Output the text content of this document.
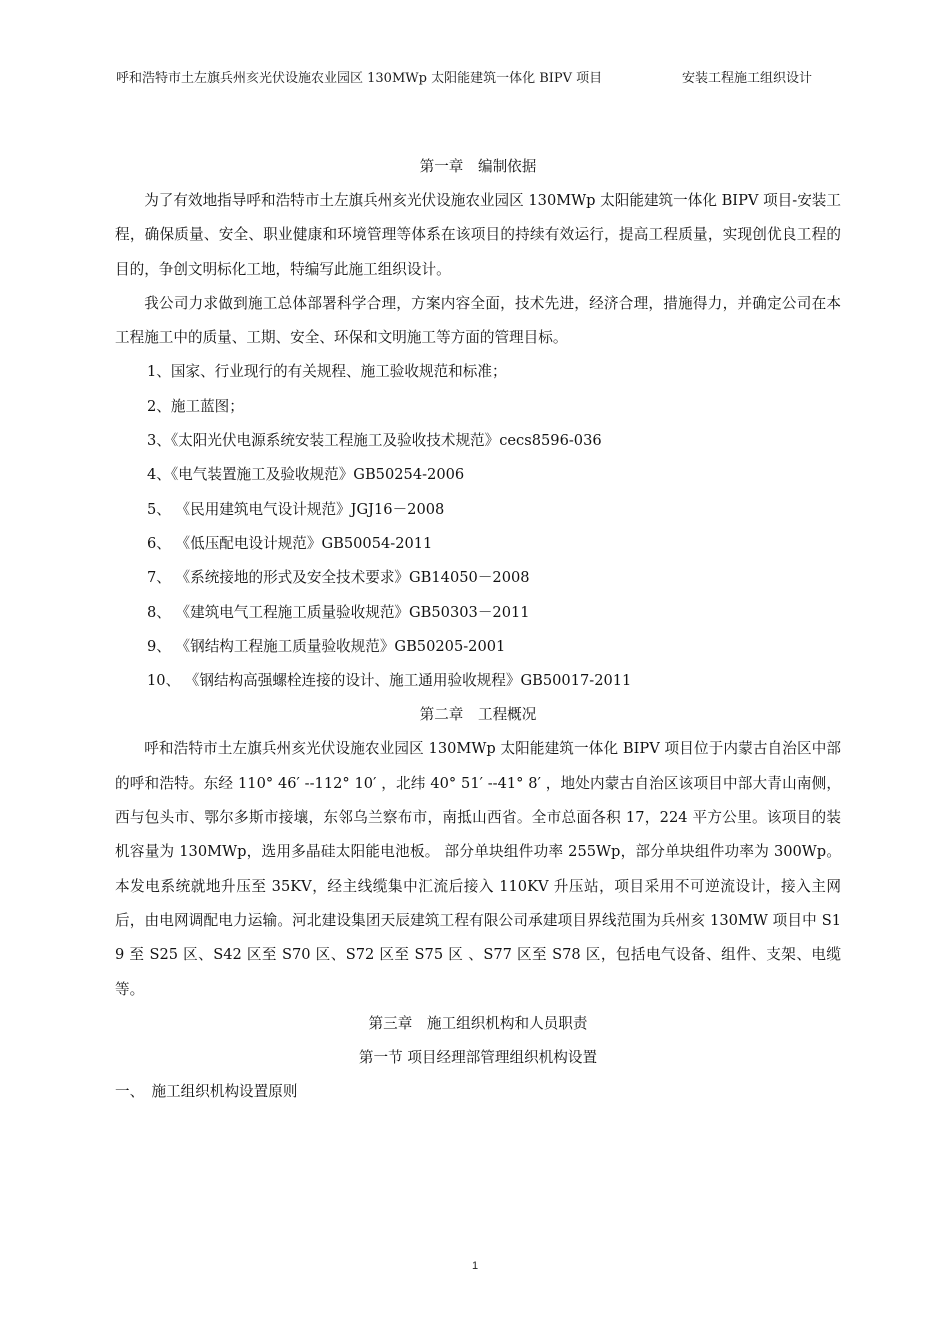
呼和浩特市土左旗兵州亥光伏设施农业园区 130MWp 太阳能建筑一体化 BIPV 项目	安装工程施工组织设计
第一章　编制依据

为了有效地指导呼和浩特市土左旗兵州亥光伏设施农业园区 130MWp 太阳能建筑一体化 BIPV 项目-安装工程，确保质量、安全、职业健康和环境管理等体系在该项目的持续有效运行，提高工程质量，实现创优良工程的目的，争创文明标化工地，特编写此施工组织设计。

我公司力求做到施工总体部署科学合理，方案内容全面，技术先进，经济合理，措施得力，并确定公司在本工程施工中的质量、工期、安全、环保和文明施工等方面的管理目标。

1、国家、行业现行的有关规程、施工验收规范和标准；
2、施工蓝图；
3、《太阳光伏电源系统安装工程施工及验收技术规范》cecs8596-036
4、《电气装置施工及验收规范》GB50254-2006
5、 《民用建筑电气设计规范》JGJ16－2008
6、 《低压配电设计规范》GB50054-2011
7、 《系统接地的形式及安全技术要求》GB14050－2008
8、 《建筑电气工程施工质量验收规范》GB50303－2011
9、 《钢结构工程施工质量验收规范》GB50205-2001
10、 《钢结构高强螺栓连接的设计、施工通用验收规程》GB50017-2011
第二章　工程概况

呼和浩特市土左旗兵州亥光伏设施农业园区 130MWp 太阳能建筑一体化 BIPV 项目位于内蒙古自治区中部的呼和浩特。东经 110° 46′ --112° 10′ ，北纬 40° 51′ --41° 8′ ，地处内蒙古自治区该项目中部大青山南侧，西与包头市、鄂尔多斯市接壤，东邻乌兰察布市，南抵山西省。全市总面各积 17，224 平方公里。该项目的装机容量为 130MWp，选用多晶硅太阳能电池板。 部分单块组件功率 255Wp，部分单块组件功率为 300Wp。本发电系统就地升压至 35KV，经主线缆集中汇流后接入 110KV 升压站，项目采用不可逆流设计，接入主网后，由电网调配电力运输。河北建设集团天辰建筑工程有限公司承建项目界线范围为兵州亥 130MW 项目中 S19 至 S25 区、S42 区至 S70 区、S72 区至 S75 区 、S77 区至 S78 区，包括电气设备、组件、支架、电缆等。

第三章　施工组织机构和人员职责
第一节 项目经理部管理组织机构设置
一、　施工组织机构设置原则
1
